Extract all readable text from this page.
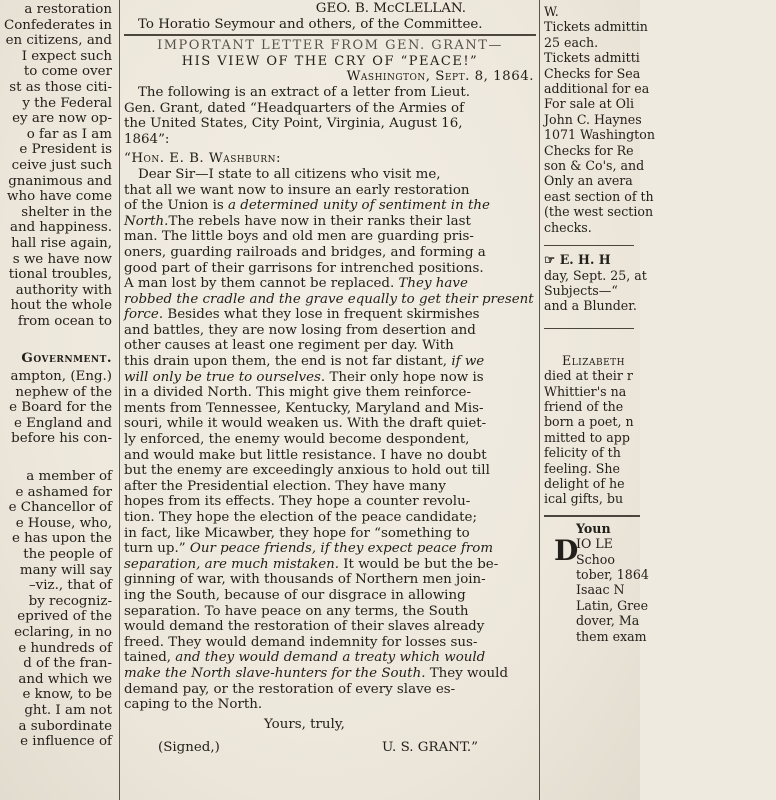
a restoration
Confederates in
en citizens, and
I expect such
to come over
st as those citi-
y the Federal
ey are now op-
o far as I am
e President is
ceive just such
gnanimous and
who have come
shelter in the
and happiness.
hall rise again,
s we have now
tional troubles,
authority with
hout the whole
from ocean to
Government.
ampton, (Eng.)
nephew of the
e Board for the
e England and
before his con-
a member of
e ashamed for
e Chancellor of
e House, who,
e has upon the
the people of
many will say
–viz., that of
by recogniz-
eprived of the
eclaring, in no
e hundreds of
d of the fran-
and which we
e know, to be
ght. I am not
a subordinate
e influence of
GEO. B. McCLELLAN.
To Horatio Seymour and others, of the Committee.
IMPORTANT LETTER FROM GEN. GRANT—
HIS VIEW OF THE CRY OF “PEACE!”
Washington, Sept. 8, 1864.
The following is an extract of a letter from Lieut.
Gen. Grant, dated “Headquarters of the Armies of
the United States, City Point, Virginia, August 16,
1864”:
“Hon. E. B. Washburn:
Dear Sir—I state to all citizens who visit me,
that all we want now to insure an early restoration
of the Union is a determined unity of sentiment in the
North.The rebels have now in their ranks their last
man. The little boys and old men are guarding pris-
oners, guarding railroads and bridges, and forming a
good part of their garrisons for intrenched positions.
A man lost by them cannot be replaced. They have
robbed the cradle and the grave equally to get their present
force. Besides what they lose in frequent skirmishes
and battles, they are now losing from desertion and
other causes at least one regiment per day. With
this drain upon them, the end is not far distant, if we
will only be true to ourselves. Their only hope now is
in a divided North. This might give them reinforce-
ments from Tennessee, Kentucky, Maryland and Mis-
souri, while it would weaken us. With the draft quiet-
ly enforced, the enemy would become despondent,
and would make but little resistance. I have no doubt
but the enemy are exceedingly anxious to hold out till
after the Presidential election. They have many
hopes from its effects. They hope a counter revolu-
tion. They hope the election of the peace candidate;
in fact, like Micawber, they hope for “something to
turn up.” Our peace friends, if they expect peace from
separation, are much mistaken. It would be but the be-
ginning of war, with thousands of Northern men join-
ing the South, because of our disgrace in allowing
separation. To have peace on any terms, the South
would demand the restoration of their slaves already
freed. They would demand indemnity for losses sus-
tained, and they would demand a treaty which would
make the North slave-hunters for the South. They would
demand pay, or the restoration of every slave es-
caping to the North.
Yours, truly,
(Signed,)	U. S. GRANT.”
W.
Tickets admittin
25 each.
Tickets admitti
Checks for Sea
additional for ea
For sale at Oli
John C. Haynes
1071 Washington
Checks for Re
son & Co's, and
Only an avera
east section of th
(the west section
checks.
☞ E. H. H
day, Sept. 25, at
Subjects—“
and a Blunder.
Elizabeth
died at their r
Whittier's na
friend of the
born a poet, n
mitted to app
felicity of th
feeling. She
delight of he
ical gifts, bu
Youn
D
IO LE
Schoo
tober, 1864
Isaac N
Latin, Gree
dover, Ma
them exam
